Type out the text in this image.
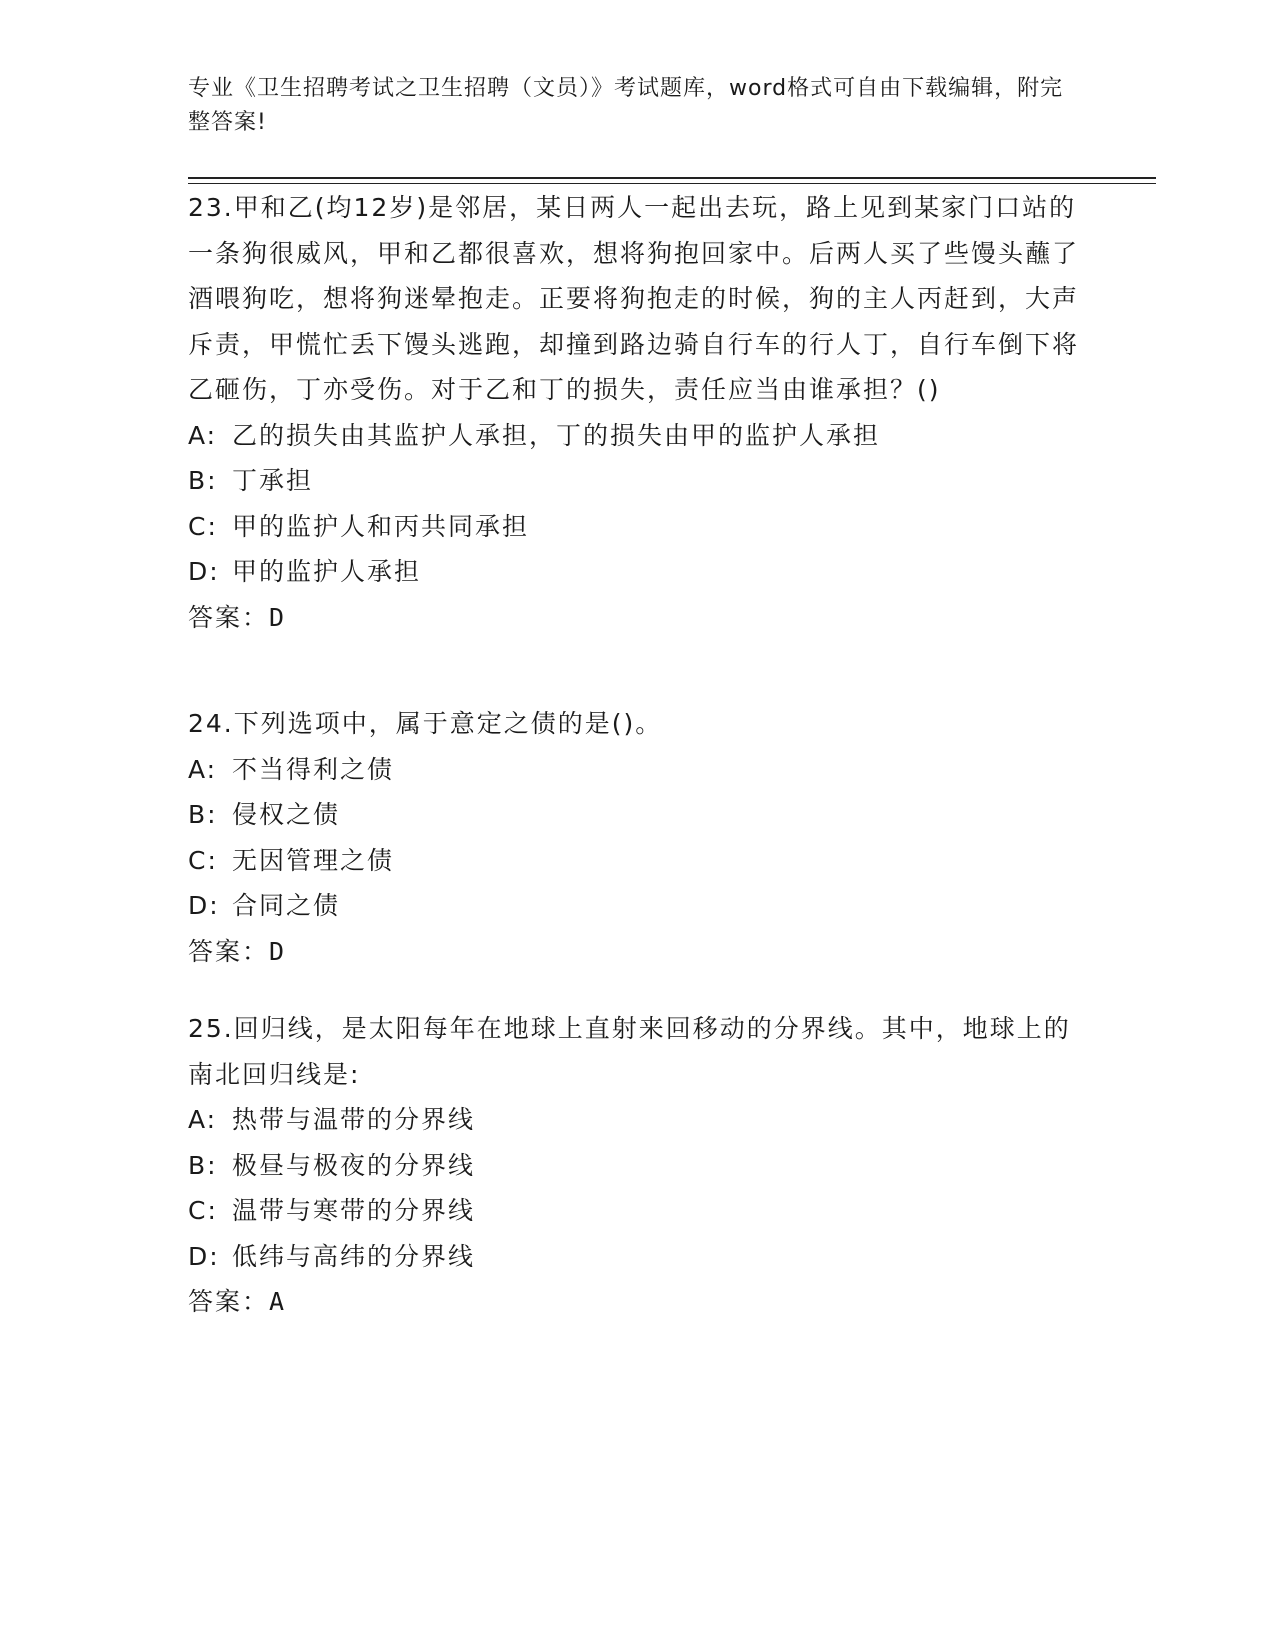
专业《卫生招聘考试之卫生招聘（文员）》考试题库，word格式可自由下载编辑，附完整答案!

23.甲和乙(均12岁)是邻居，某日两人一起出去玩，路上见到某家门口站的一条狗很威风，甲和乙都很喜欢，想将狗抱回家中。后两人买了些馒头蘸了酒喂狗吃，想将狗迷晕抱走。正要将狗抱走的时候，狗的主人丙赶到，大声斥责，甲慌忙丢下馒头逃跑，却撞到路边骑自行车的行人丁，自行车倒下将乙砸伤，丁亦受伤。对于乙和丁的损失，责任应当由谁承担？()

A: 乙的损失由其监护人承担，丁的损失由甲的监护人承担

B: 丁承担

C: 甲的监护人和丙共同承担

D: 甲的监护人承担

答案：D

24.下列选项中，属于意定之债的是()。

A: 不当得利之债

B: 侵权之债

C: 无因管理之债

D: 合同之债

答案：D

25.回归线，是太阳每年在地球上直射来回移动的分界线。其中，地球上的南北回归线是:

A: 热带与温带的分界线

B: 极昼与极夜的分界线

C: 温带与寒带的分界线

D: 低纬与高纬的分界线

答案：A
